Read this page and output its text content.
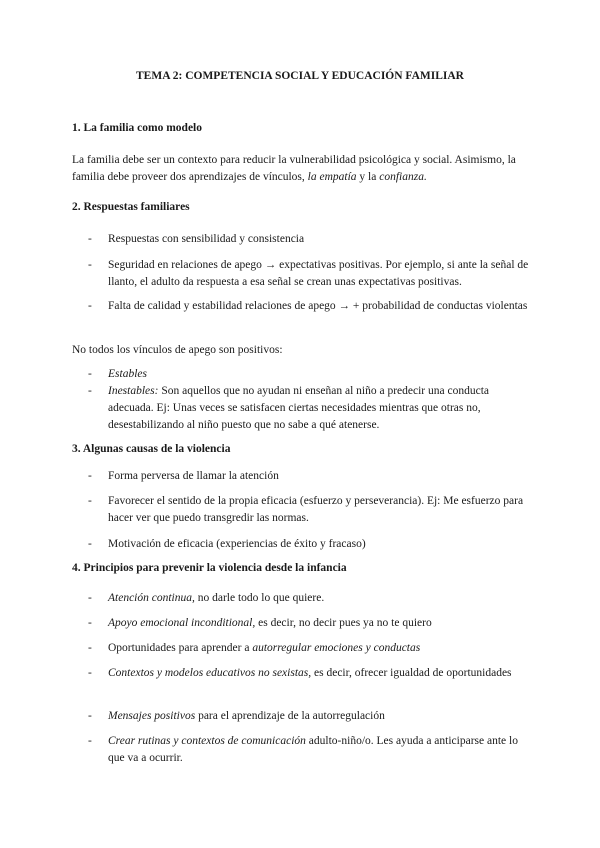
TEMA 2: COMPETENCIA SOCIAL Y EDUCACIÓN FAMILIAR
1. La familia como modelo

La familia debe ser un contexto para reducir la vulnerabilidad psicológica y social. Asimismo, la familia debe proveer dos aprendizajes de vínculos, la empatía y la confianza.

2. Respuestas familiares
- Respuestas con sensibilidad y consistencia
- Seguridad en relaciones de apego → expectativas positivas. Por ejemplo, si ante la señal de llanto, el adulto da respuesta a esa señal se crean unas expectativas positivas.
- Falta de calidad y estabilidad relaciones de apego → + probabilidad de conductas violentas

No todos los vínculos de apego son positivos:

- Estables
- Inestables: Son aquellos que no ayudan ni enseñan al niño a predecir una conducta adecuada. Ej: Unas veces se satisfacen ciertas necesidades mientras que otras no, desestabilizando al niño puesto que no sabe a qué atenerse.
3. Algunas causas de la violencia
- Forma perversa de llamar la atención
- Favorecer el sentido de la propia eficacia (esfuerzo y perseverancia). Ej: Me esfuerzo para hacer ver que puedo transgredir las normas.
- Motivación de eficacia (experiencias de éxito y fracaso)
4. Principios para prevenir la violencia desde la infancia
- Atención continua, no darle todo lo que quiere.
- Apoyo emocional inconditional, es decir, no decir pues ya no te quiero
- Oportunidades para aprender a autorregular emociones y conductas
- Contextos y modelos educativos no sexistas, es decir, ofrecer igualdad de oportunidades
- Mensajes positivos para el aprendizaje de la autorregulación
- Crear rutinas y contextos de comunicación adulto-niño/o. Les ayuda a anticiparse ante lo que va a ocurrir.
